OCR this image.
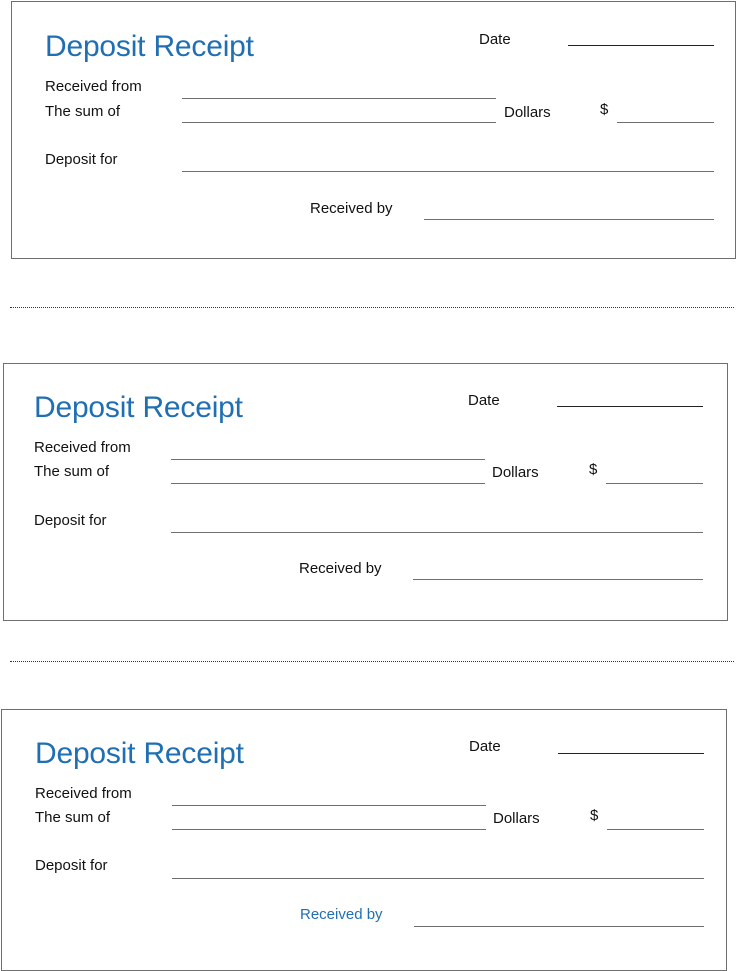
Deposit Receipt	Date
Received from
The sum of	Dollars	$
Deposit for
Received by
Deposit Receipt	Date
Received from
The sum of	Dollars	$
Deposit for
Received by
Deposit Receipt	Date
Received from
The sum of	Dollars	$
Deposit for
Received by
